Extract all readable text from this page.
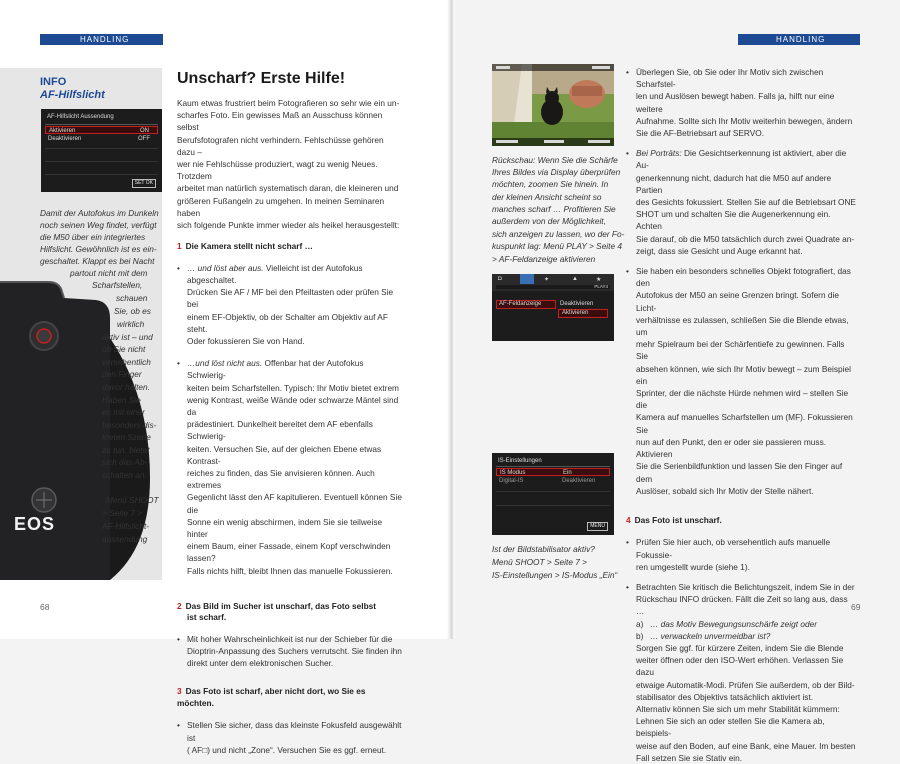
HANDLING
EOS
INFO
AF-Hilfslicht
AF-Hilfslicht Aussendung
Aktivieren	ON
Deaktivieren	OFF
SET OK
Damit der Autofokus im Dunkeln
noch seinen Weg findet, verfügt
die M50 über ein integriertes
Hilfslicht. Gewöhnlich ist es ein-
geschaltet. Klappt es bei Nacht
partout nicht mit dem
Scharfstellen,
schauen
Sie, ob es
wirklich
aktiv ist – und
ob Sie nicht
versehentlich
den Finger
davor halten.
Haben Sie
es mit einer
besonders dis-
kreten Szene
zu tun, bietet
sich das Ab-
schalten an.
Menü SHOOT
> Seite 7 >
AF-Hilfslicht-
aussendung
Unscharf? Erste Hilfe!
Kaum etwas frustriert beim Fotografieren so sehr wie ein un-
scharfes Foto. Ein gewisses Maß an Ausschuss können selbst
Berufsfotografen nicht verhindern. Fehlschüsse gehören dazu –
wer nie Fehlschüsse produziert, wagt zu wenig Neues. Trotzdem
arbeitet man natürlich systematisch daran, die kleineren und
größeren Fußangeln zu umgehen. In meinen Seminaren haben
sich folgende Punkte immer wieder als heikel herausgestellt:
1 Die Kamera stellt nicht scharf …
• … und löst aber aus. Vielleicht ist der Autofokus abgeschaltet.
Drücken Sie AF / MF bei den Pfeiltasten oder prüfen Sie bei
einem EF-Objektiv, ob der Schalter am Objektiv auf AF steht.
Oder fokussieren Sie von Hand.
• …und löst nicht aus. Offenbar hat der Autofokus Schwierig-
keiten beim Scharfstellen. Typisch: Ihr Motiv bietet extrem
wenig Kontrast, weiße Wände oder schwarze Mäntel sind da
prädestiniert. Dunkelheit bereitet dem AF ebenfalls Schwierig-
keiten. Versuchen Sie, auf der gleichen Ebene etwas Kontrast-
reiches zu finden, das Sie anvisieren können. Auch extremes
Gegenlicht lässt den AF kapitulieren. Eventuell können Sie die
Sonne ein wenig abschirmen, indem Sie sie teilweise hinter
einem Baum, einer Fassade, einem Kopf verschwinden lassen?
Falls nichts hilft, bleibt Ihnen das manuelle Fokussieren.
2 Das Bild im Sucher ist unscharf, das Foto selbst
ist scharf.
• Mit hoher Wahrscheinlichkeit ist nur der Schieber für die
Dioptrin-Anpassung des Suchers verrutscht. Sie finden ihn
direkt unter dem elektronischen Sucher.
3 Das Foto ist scharf, aber nicht dort, wo Sie es möchten.
• Stellen Sie sicher, dass das kleinste Fokusfeld ausgewählt ist
( AF□) und nicht „Zone“. Versuchen Sie es ggf. erneut.
68
HANDLING
Rückschau: Wenn Sie die Schärfe
Ihres Bildes via Display überprüfen
möchten, zoomen Sie hinein. In
der kleinen Ansicht scheint so
manches scharf … Profitieren Sie
außerdem von der Möglichkeit,
sich anzeigen zu lassen, wo der Fo-
kuspunkt lag: Menü PLAY > Seite 4
> AF-Feldanzeige aktivieren
◘	✦	▲	★
PLAY4
AF-Feldanzeige	Deaktivieren
Aktivieren
IS-Einstellungen
IS Modus	Ein
Digital-IS	Deaktivieren
MENU
Ist der Bildstabilisator aktiv?
Menü SHOOT > Seite 7 >
IS-Einstellungen > IS-Modus „Ein“
• Überlegen Sie, ob Sie oder Ihr Motiv sich zwischen Scharfstel-
len und Auslösen bewegt haben. Falls ja, hilft nur eine weitere
Aufnahme. Sollte sich Ihr Motiv weiterhin bewegen, ändern
Sie die AF-Betriebsart auf SERVO.
• Bei Porträts: Die Gesichtserkennung ist aktiviert, aber die Au-
generkennung nicht, dadurch hat die M50 auf andere Partien
des Gesichts fokussiert. Stellen Sie auf die Betriebsart ONE
SHOT um und schalten Sie die Augenerkennung ein. Achten
Sie darauf, ob die M50 tatsächlich durch zwei Quadrate an-
zeigt, dass sie Gesicht und Auge erkannt hat.
• Sie haben ein besonders schnelles Objekt fotografiert, das den
Autofokus der M50 an seine Grenzen bringt. Sofern die Licht-
verhältnisse es zulassen, schließen Sie die Blende etwas, um
mehr Spielraum bei der Schärfentiefe zu gewinnen. Falls Sie
absehen können, wie sich Ihr Motiv bewegt – zum Beispiel ein
Sprinter, der die nächste Hürde nehmen wird – stellen Sie die
Kamera auf manuelles Scharfstellen um (MF). Fokussieren Sie
nun auf den Punkt, den er oder sie passieren muss. Aktivieren
Sie die Serienbildfunktion und lassen Sie den Finger auf dem
Auslöser, sobald sich Ihr Motiv der Stelle nähert.
4 Das Foto ist unscharf.
• Prüfen Sie hier auch, ob versehentlich aufs manuelle Fokussie-
ren umgestellt wurde (siehe 1).
• Betrachten Sie kritisch die Belichtungszeit, indem Sie in der
Rückschau INFO drücken. Fällt die Zeit so lang aus, dass …
a) … das Motiv Bewegungsunschärfe zeigt oder
b) … verwackeln unvermeidbar ist?
Sorgen Sie ggf. für kürzere Zeiten, indem Sie die Blende
weiter öffnen oder den ISO-Wert erhöhen. Verlassen Sie dazu
etwaige Automatik-Modi. Prüfen Sie außerdem, ob der Bild-
stabilisator des Objektivs tatsächlich aktiviert ist.
Alternativ können Sie sich um mehr Stabilität kümmern:
Lehnen Sie sich an oder stellen Sie die Kamera ab, beispiels-
weise auf den Boden, auf eine Bank, eine Mauer. Im besten
Fall setzen Sie sie Stativ ein.
69
